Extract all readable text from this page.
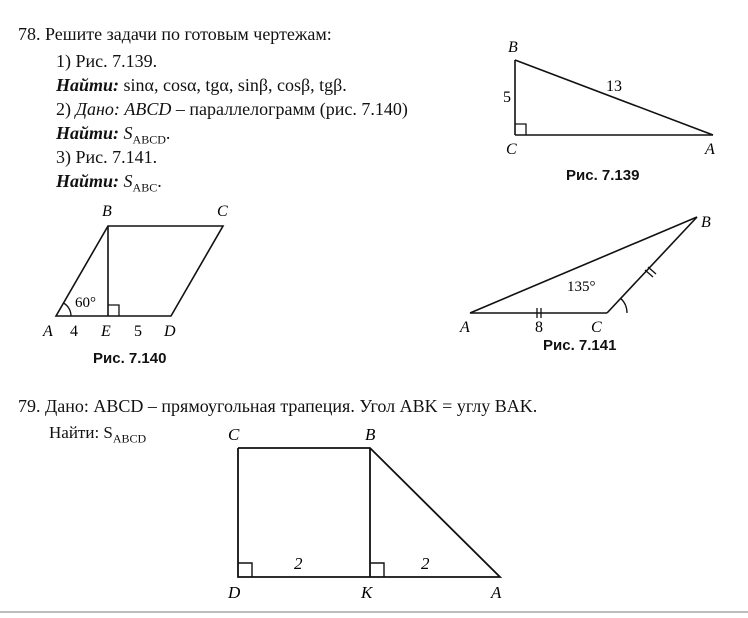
78. Решите задачи по готовым чертежам:
1) Рис. 7.139.
Найти: sinα, cosα, tgα, sinβ, cosβ, tgβ.
2) Дано: ABCD – параллелограмм (рис. 7.140)
Найти: $S_{ABCD}$.
3) Рис. 7.141.
Найти: $S_{ABC}$.
B
C	A
5
13
Рис. 7.139
60°
B	C
A 4 E 5 D
Рис. 7.140
135°
B
A	8	C
Рис. 7.141
79. Дано: ABCD – прямоугольная трапеция. Угол ABK = углу BAK.
Найти: $S_{ABCD}$	C	B
D	K	A
2	2
